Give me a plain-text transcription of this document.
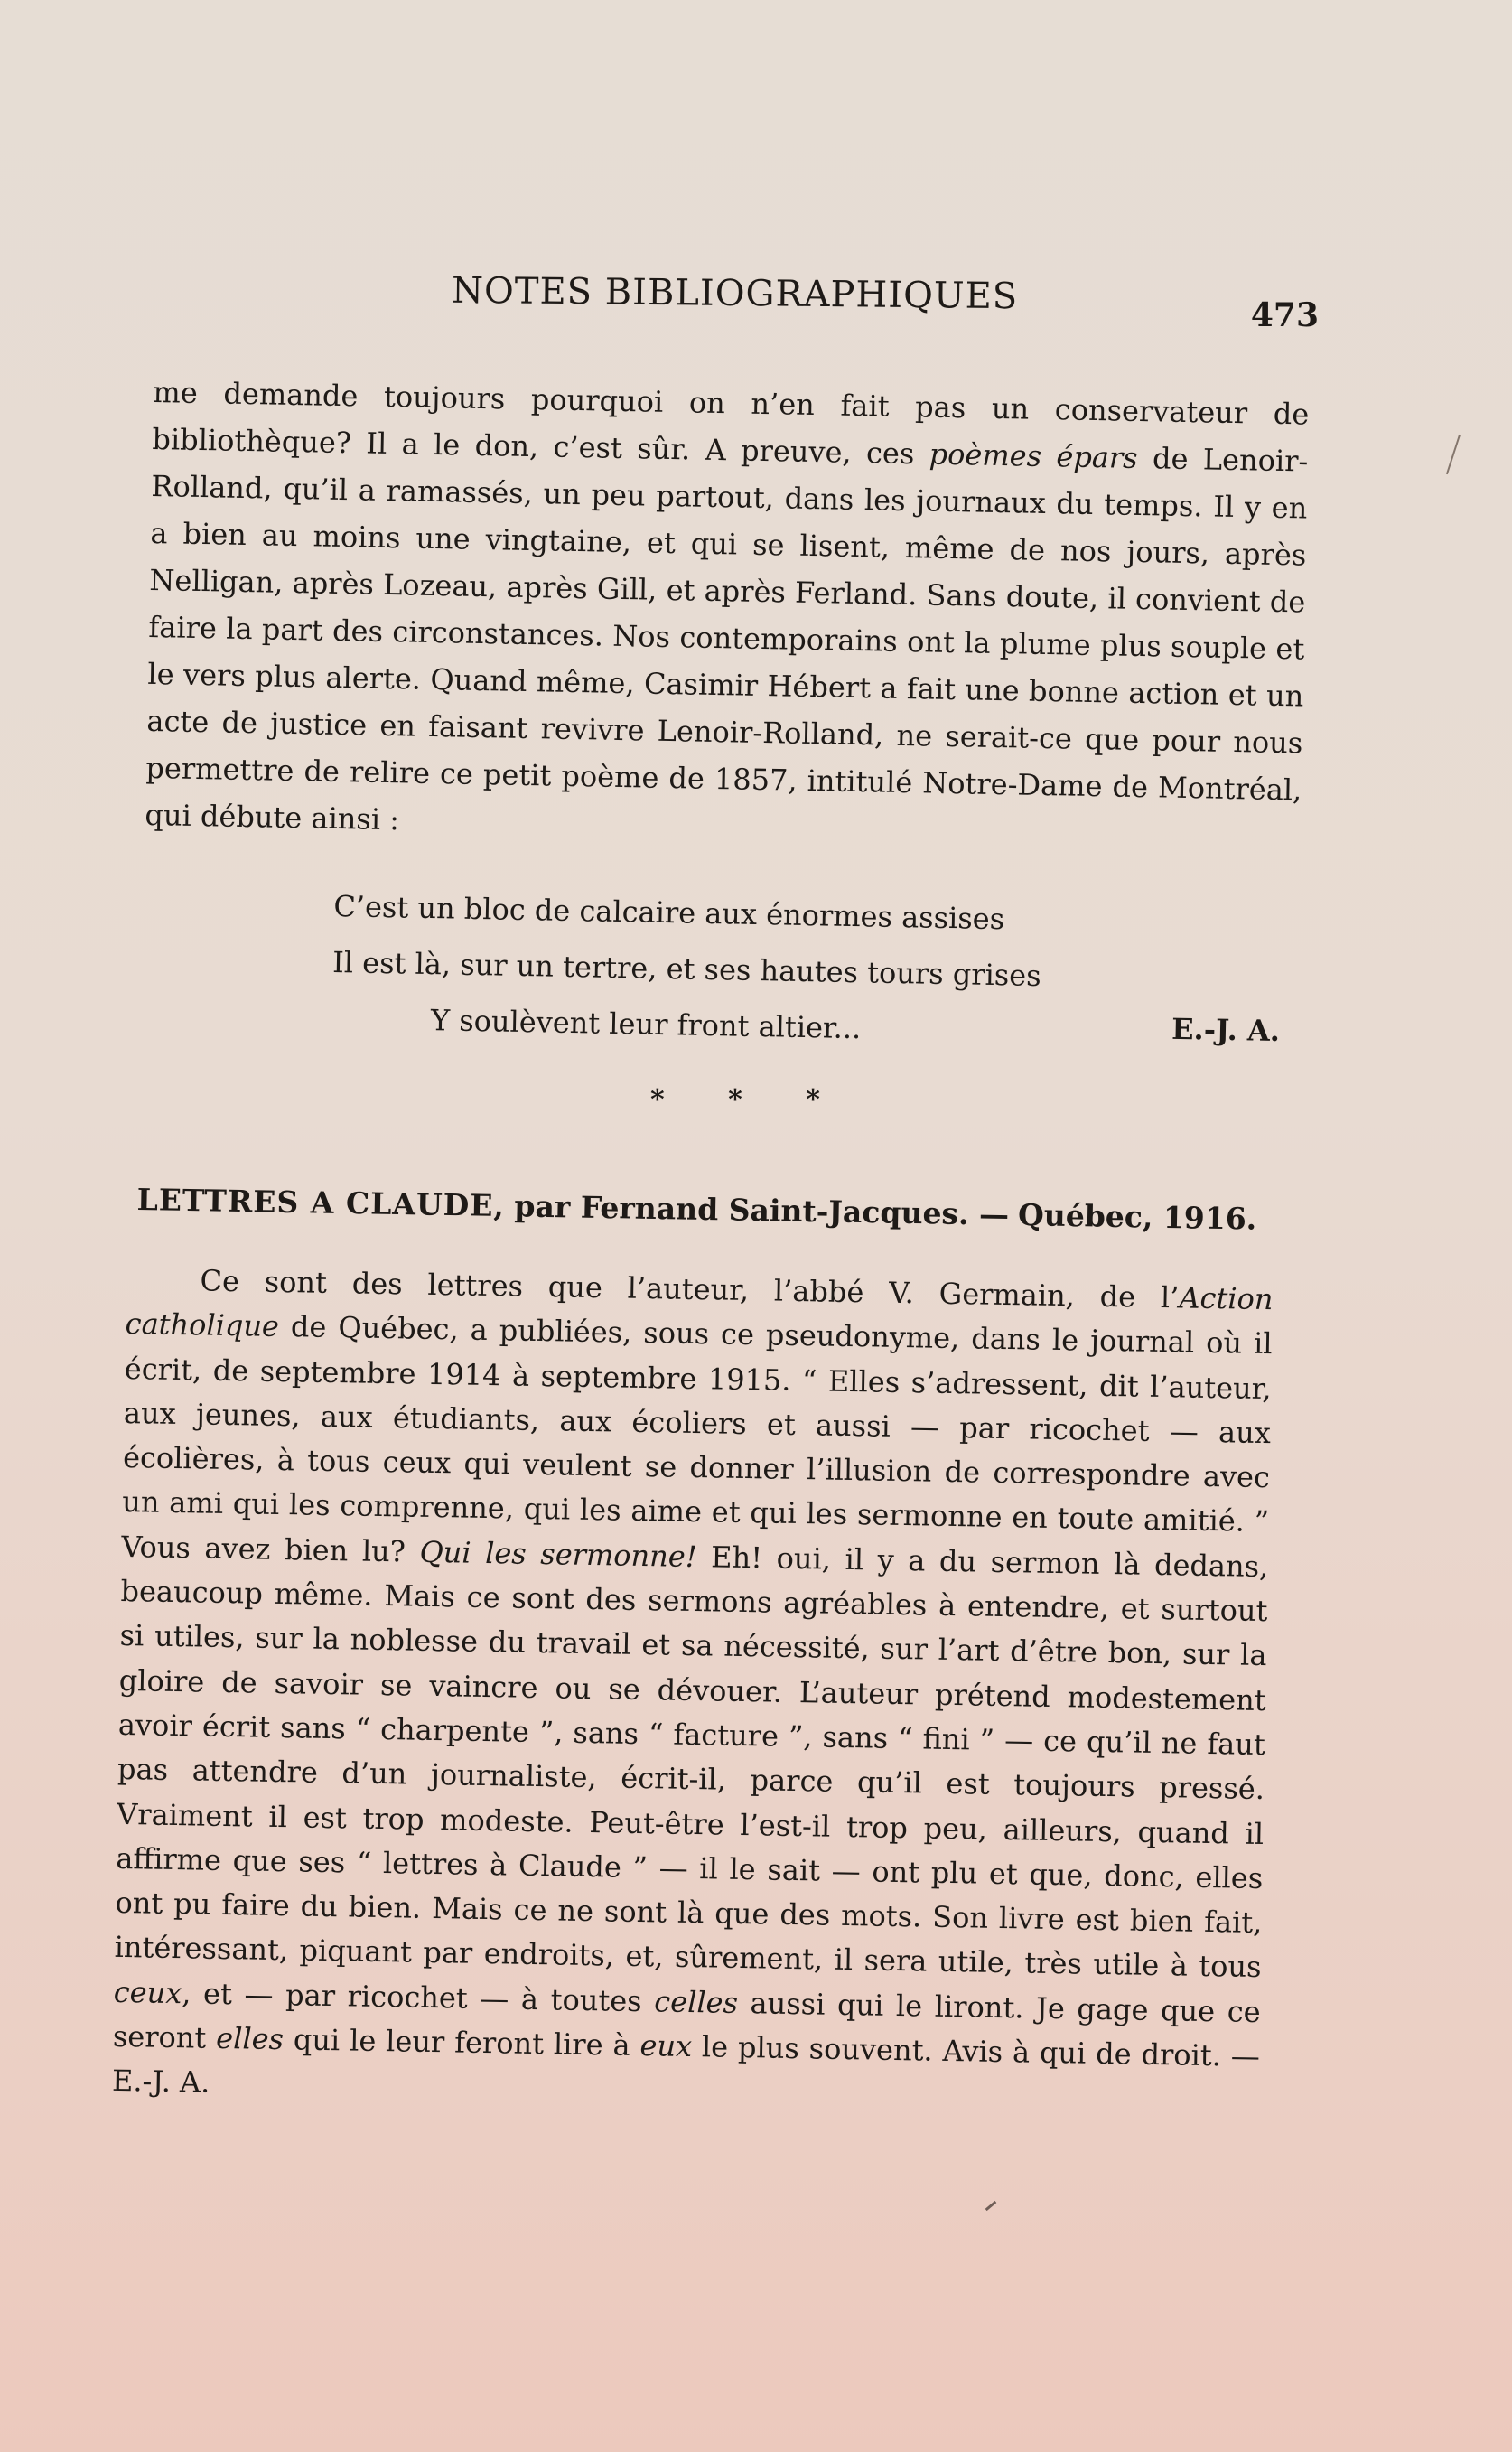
NOTES BIBLIOGRAPHIQUES	473

me demande toujours pourquoi on n’en fait pas un conservateur de bibliothèque? Il a le don, c’est sûr. A preuve, ces poèmes épars de Lenoir-Rolland, qu’il a ramassés, un peu partout, dans les journaux du temps. Il y en a bien au moins une vingtaine, et qui se lisent, même de nos jours, après Nelligan, après Lozeau, après Gill, et après Ferland. Sans doute, il convient de faire la part des circonstances. Nos contemporains ont la plume plus souple et le vers plus alerte. Quand même, Casimir Hébert a fait une bonne action et un acte de justice en faisant revivre Lenoir-Rolland, ne serait-ce que pour nous permettre de relire ce petit poème de 1857, intitulé Notre-Dame de Montréal, qui débute ainsi :

C’est un bloc de calcaire aux énormes assises
Il est là, sur un tertre, et ses hautes tours grises
Y soulèvent leur front altier...	E.-J. A.
* * *
LETTRES A CLAUDE, par Fernand Saint-Jacques. — Québec, 1916.

Ce sont des lettres que l’auteur, l’abbé V. Germain, de l’Action catholique de Québec, a publiées, sous ce pseudonyme, dans le journal où il écrit, de septembre 1914 à septembre 1915. “ Elles s’adressent, dit l’auteur, aux jeunes, aux étudiants, aux écoliers et aussi — par ricochet — aux écolières, à tous ceux qui veulent se donner l’illusion de correspondre avec un ami qui les comprenne, qui les aime et qui les sermonne en toute amitié. ” Vous avez bien lu? Qui les sermonne! Eh! oui, il y a du sermon là dedans, beaucoup même. Mais ce sont des sermons agréables à entendre, et surtout si utiles, sur la noblesse du travail et sa nécessité, sur l’art d’être bon, sur la gloire de savoir se vaincre ou se dévouer. L’auteur prétend modestement avoir écrit sans “ charpente ”, sans “ facture ”, sans “ fini ” — ce qu’il ne faut pas attendre d’un journaliste, écrit-il, parce qu’il est toujours pressé. Vraiment il est trop modeste. Peut-être l’est-il trop peu, ailleurs, quand il affirme que ses “ lettres à Claude ” — il le sait — ont plu et que, donc, elles ont pu faire du bien. Mais ce ne sont là que des mots. Son livre est bien fait, intéressant, piquant par endroits, et, sûrement, il sera utile, très utile à tous ceux, et — par ricochet — à toutes celles aussi qui le liront. Je gage que ce seront elles qui le leur feront lire à eux le plus souvent. Avis à qui de droit. — E.-J. A.
